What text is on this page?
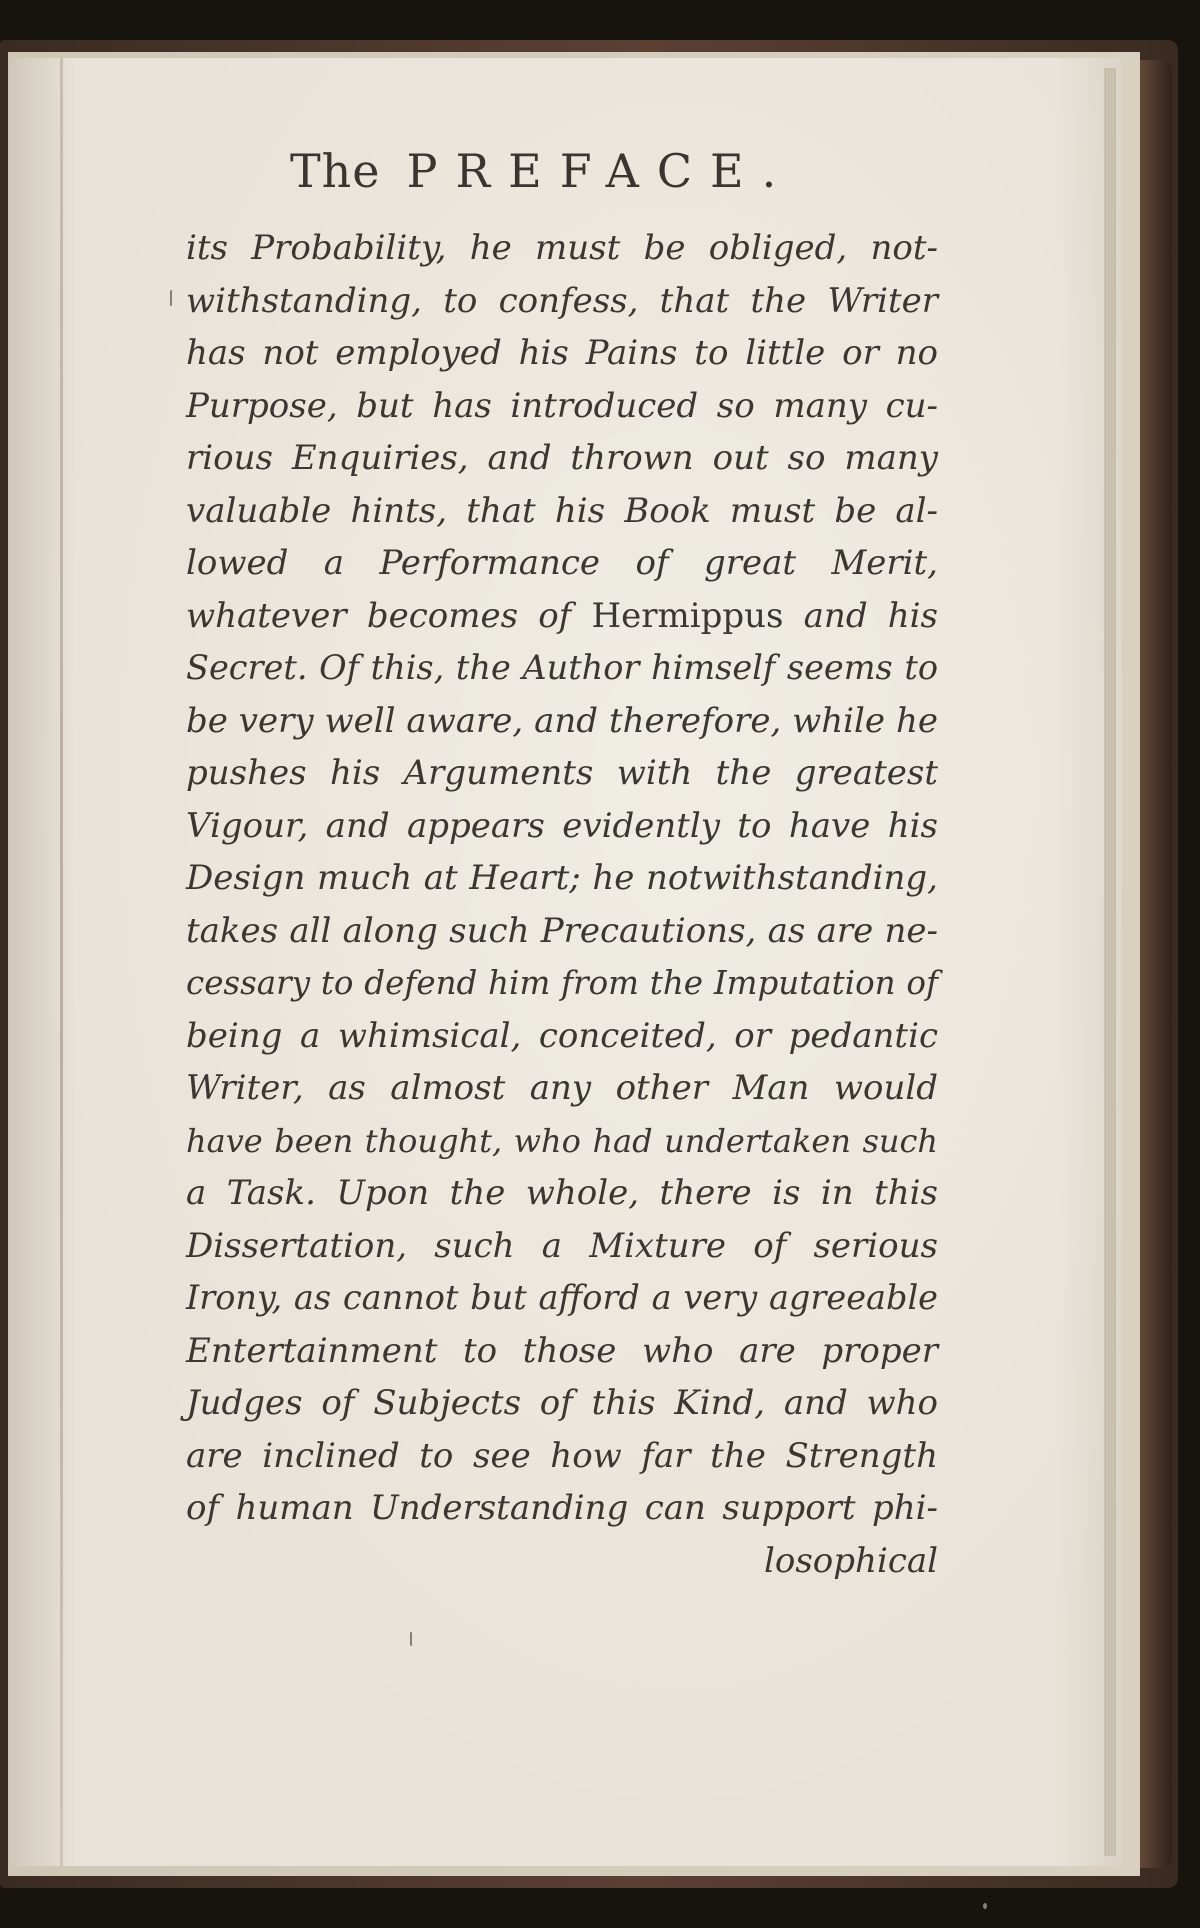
The PREFACE.
its Probability, he must be obliged, not-
withstanding, to confess, that the Writer
has not employed his Pains to little or no
Purpose, but has introduced so many cu-
rious Enquiries, and thrown out so many
valuable hints, that his Book must be al-
lowed a Performance of great Merit,
whatever becomes of Hermippus and his
Secret. Of this, the Author himself seems to
be very well aware, and therefore, while he
pushes his Arguments with the greatest
Vigour, and appears evidently to have his
Design much at Heart; he notwithstanding,
takes all along such Precautions, as are ne-
cessary to defend him from the Imputation of
being a whimsical, conceited, or pedantic
Writer, as almost any other Man would
have been thought, who had undertaken such
a Task. Upon the whole, there is in this
Dissertation, such a Mixture of serious
Irony, as cannot but afford a very agreeable
Entertainment to those who are proper
Judges of Subjects of this Kind, and who
are inclined to see how far the Strength
of human Understanding can support phi-
losophical
